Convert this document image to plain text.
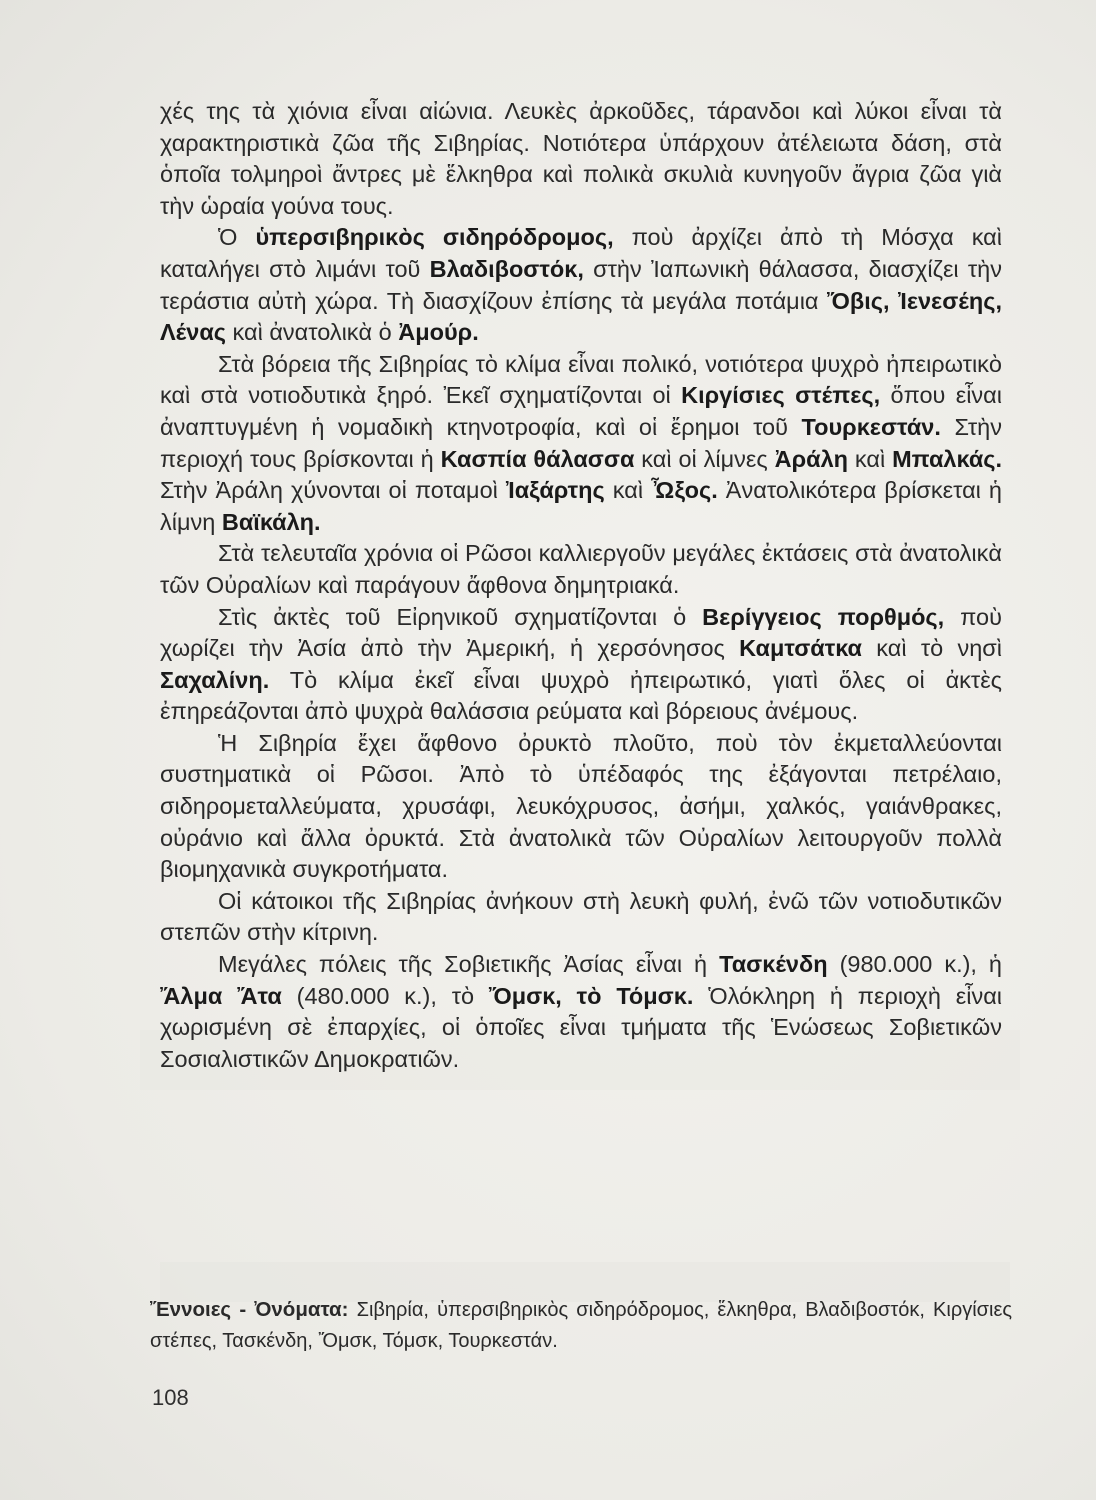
χές της τὰ χιόνια εἶναι αἰώνια. Λευκὲς ἀρκοῦδες, τάρανδοι καὶ λύκοι εἶναι τὰ χαρακτηριστικὰ ζῶα τῆς Σιβηρίας. Νοτιότερα ὑπάρχουν ἀτέλειωτα δάση, στὰ ὁποῖα τολμηροὶ ἄντρες μὲ ἕλκηθρα καὶ πολικὰ σκυλιὰ κυνηγοῦν ἄγρια ζῶα γιὰ τὴν ὡραία γούνα τους.

Ὁ ὑπερσιβηρικὸς σιδηρόδρομος, ποὺ ἀρχίζει ἀπὸ τὴ Μόσχα καὶ καταλήγει στὸ λιμάνι τοῦ Βλαδιβοστόκ, στὴν Ἰαπωνικὴ θάλασσα, διασχίζει τὴν τεράστια αὐτὴ χώρα. Τὴ διασχίζουν ἐπίσης τὰ μεγάλα ποτάμια Ὄβις, Ἰενεσέης, Λένας καὶ ἀνατολικὰ ὁ Ἀμούρ.

Στὰ βόρεια τῆς Σιβηρίας τὸ κλίμα εἶναι πολικό, νοτιότερα ψυχρὸ ἠπειρωτικὸ καὶ στὰ νοτιοδυτικὰ ξηρό. Ἐκεῖ σχηματίζονται οἱ Κιργίσιες στέπες, ὅπου εἶναι ἀναπτυγμένη ἡ νομαδικὴ κτηνοτροφία, καὶ οἱ ἔρημοι τοῦ Τουρκεστάν. Στὴν περιοχή τους βρίσκονται ἡ Κασπία θάλασσα καὶ οἱ λίμνες Ἀράλη καὶ Μπαλκάς. Στὴν Ἀράλη χύνονται οἱ ποταμοὶ Ἰαξάρτης καὶ Ὦξος. Ἀνατολικότερα βρίσκεται ἡ λίμνη Βαϊκάλη.

Στὰ τελευταῖα χρόνια οἱ Ρῶσοι καλλιεργοῦν μεγάλες ἐκτάσεις στὰ ἀνατολικὰ τῶν Οὐραλίων καὶ παράγουν ἄφθονα δημητριακά.

Στὶς ἀκτὲς τοῦ Εἰρηνικοῦ σχηματίζονται ὁ Βερίγγειος πορθμός, ποὺ χωρίζει τὴν Ἀσία ἀπὸ τὴν Ἀμερική, ἡ χερσόνησος Καμτσάτκα καὶ τὸ νησὶ Σαχαλίνη. Τὸ κλίμα ἐκεῖ εἶναι ψυχρὸ ἠπειρωτικό, γιατὶ ὅλες οἱ ἀκτὲς ἐπηρεάζονται ἀπὸ ψυχρὰ θαλάσσια ρεύματα καὶ βόρειους ἀνέμους.

Ἡ Σιβηρία ἔχει ἄφθονο ὀρυκτὸ πλοῦτο, ποὺ τὸν ἐκμεταλλεύονται συστηματικὰ οἱ Ρῶσοι. Ἀπὸ τὸ ὑπέδαφός της ἐξάγονται πετρέλαιο, σιδηρομεταλλεύματα, χρυσάφι, λευκόχρυσος, ἀσήμι, χαλκός, γαιάνθρακες, οὐράνιο καὶ ἄλλα ὀρυκτά. Στὰ ἀνατολικὰ τῶν Οὐραλίων λειτουργοῦν πολλὰ βιομηχανικὰ συγκροτήματα.

Οἱ κάτοικοι τῆς Σιβηρίας ἀνήκουν στὴ λευκὴ φυλή, ἐνῶ τῶν νοτιοδυτικῶν στεπῶν στὴν κίτρινη.

Μεγάλες πόλεις τῆς Σοβιετικῆς Ἀσίας εἶναι ἡ Τασκένδη (980.000 κ.), ἡ Ἄλμα Ἄτα (480.000 κ.), τὸ Ὄμσκ, τὸ Τόμσκ. Ὁλόκληρη ἡ περιοχὴ εἶναι χωρισμένη σὲ ἐπαρχίες, οἱ ὁποῖες εἶναι τμήματα τῆς Ἑνώσεως Σοβιετικῶν Σοσιαλιστικῶν Δημοκρατιῶν.

Ἔννοιες - Ὀνόματα: Σιβηρία, ὑπερσιβηρικὸς σιδηρόδρομος, ἕλκηθρα, Βλαδιβοστόκ, Κιργίσιες στέπες, Τασκένδη, Ὄμσκ, Τόμσκ, Τουρκεστάν.
108
